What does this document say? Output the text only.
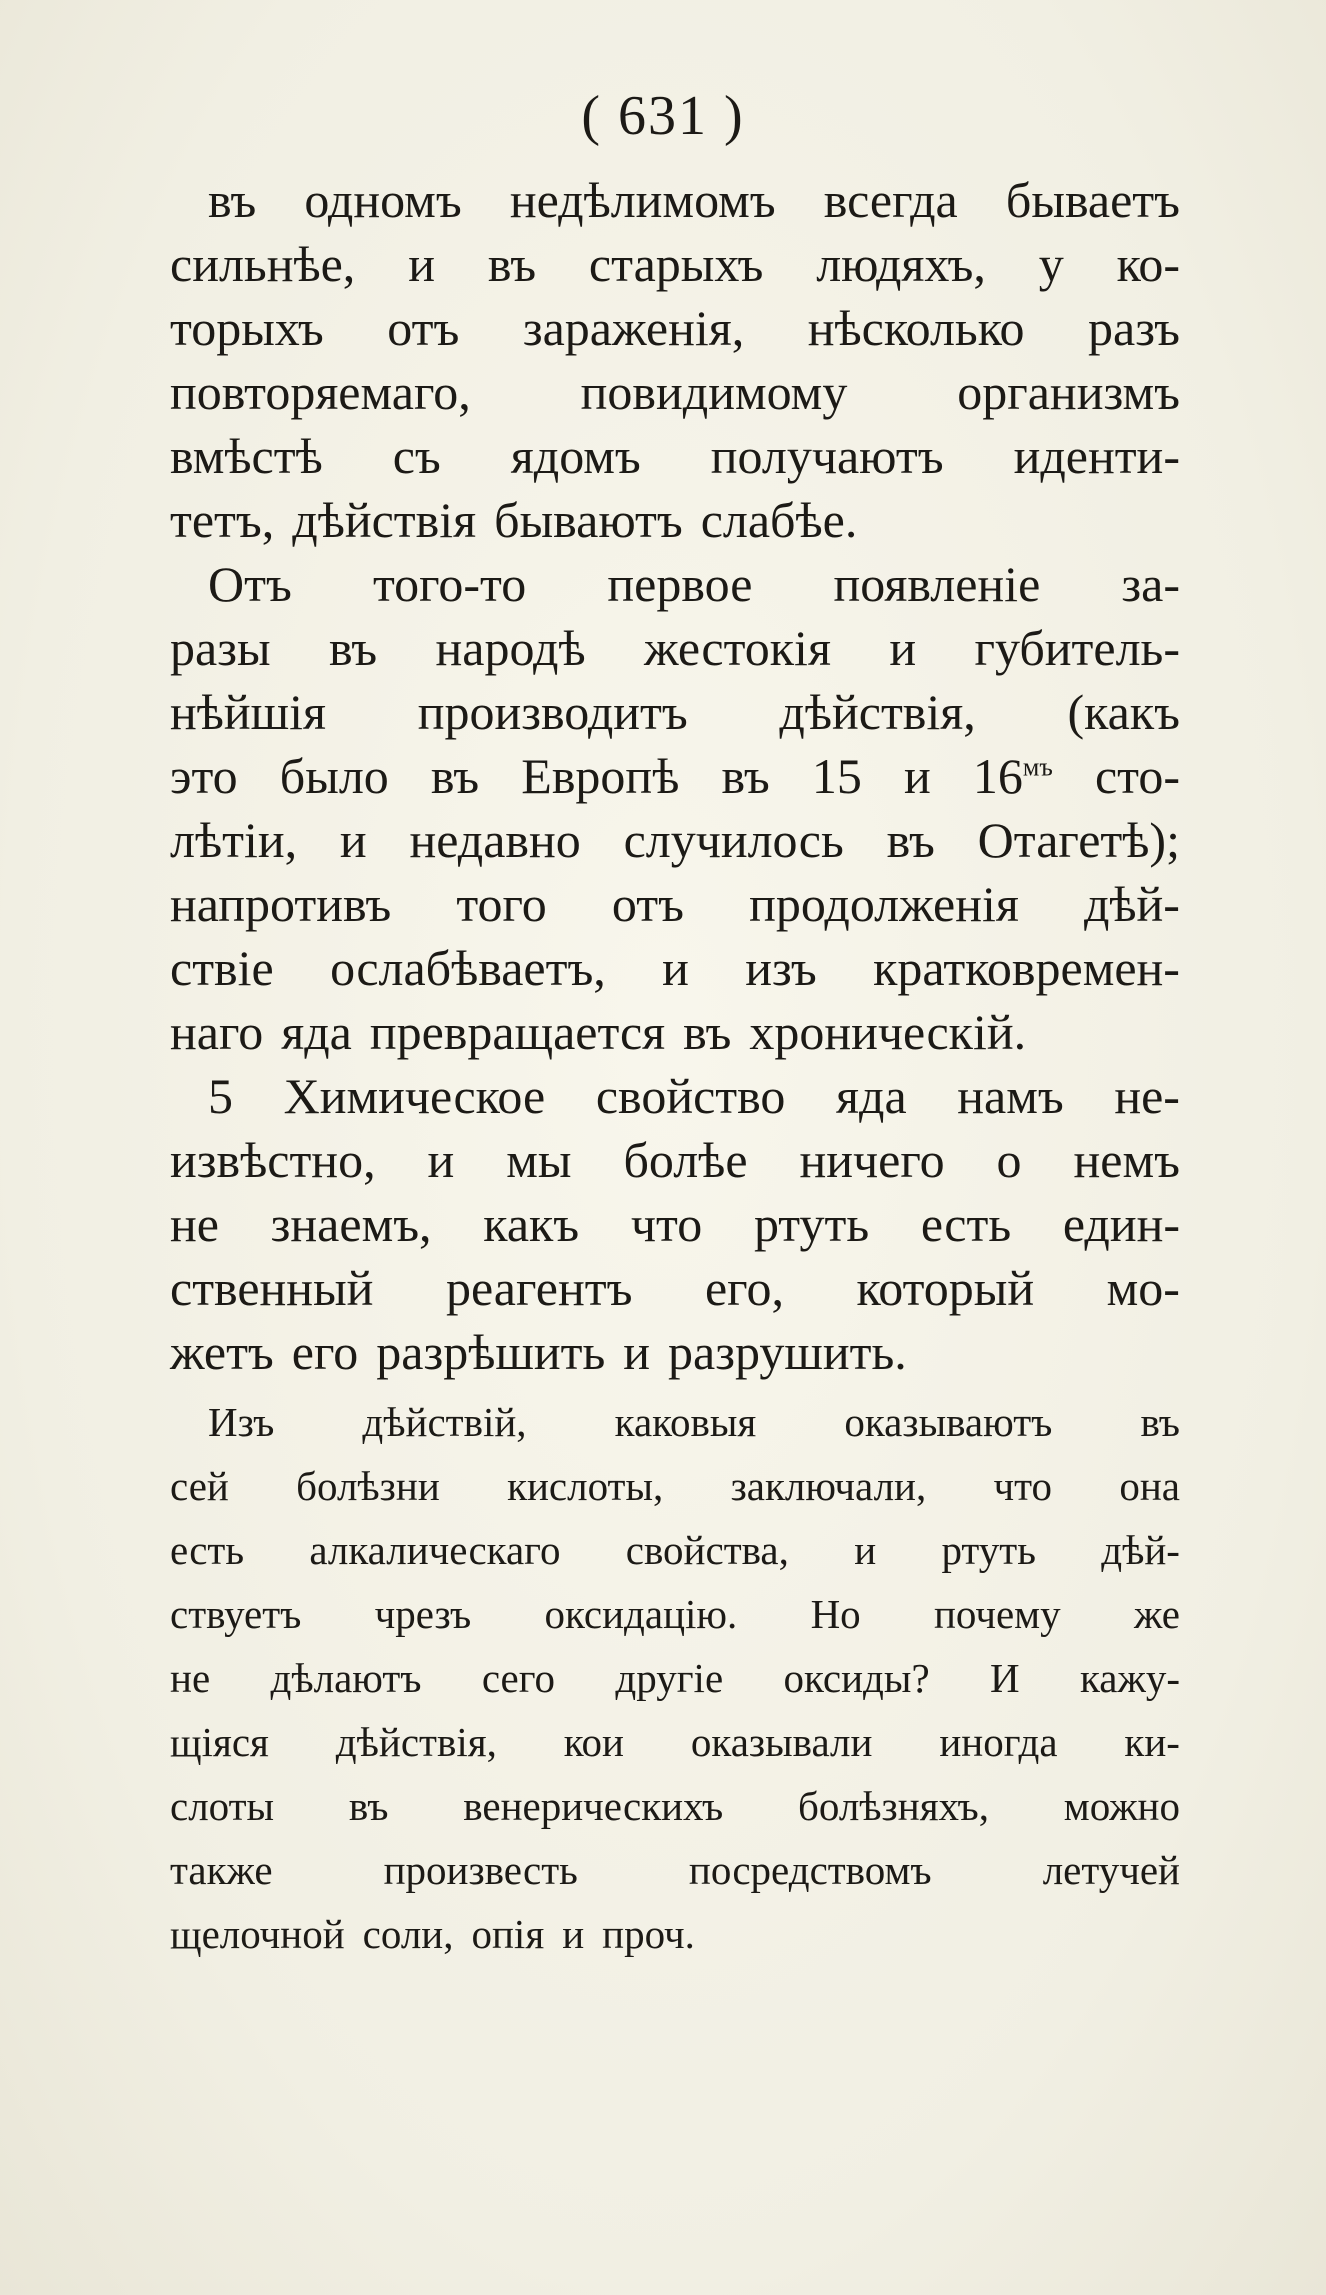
( 631 )
въ одномъ недѣлимомъ всегда бываетъ
сильнѣе, и въ старыхъ людяхъ, у ко-
торыхъ отъ зараженія, нѣсколько разъ
повторяемаго, повидимому организмъ
вмѣстѣ съ ядомъ получаютъ иденти-
тетъ, дѣйствія бываютъ слабѣе.
Отъ того-то первое появленіе за-
разы въ народѣ жестокія и губитель-
нѣйшія производитъ дѣйствія, (какъ
это было въ Европѣ въ 15 и $16^{мъ}$ сто-
лѣтіи, и недавно случилось въ Отагетѣ);
напротивъ того отъ продолженія дѣй-
ствіе ослабѣваетъ, и изъ кратковремен-
наго яда превращается въ хроническій.
5 Химическое свойство яда намъ не-
извѣстно, и мы болѣе ничего о немъ
не знаемъ, какъ что ртуть есть един-
ственный реагентъ его, который мо-
жетъ его разрѣшить и разрушить.
Изъ дѣйствій, каковыя оказываютъ въ
сей болѣзни кислоты, заключали, что она
есть алкалическаго свойства, и ртуть дѣй-
ствуетъ чрезъ оксидацію. Но почему же
не дѣлаютъ сего другіе оксиды? И кажу-
щіяся дѣйствія, кои оказывали иногда ки-
слоты въ венерическихъ болѣзняхъ, можно
также	произвесть	посредствомъ	летучей
щелочной соли, опія и проч.
